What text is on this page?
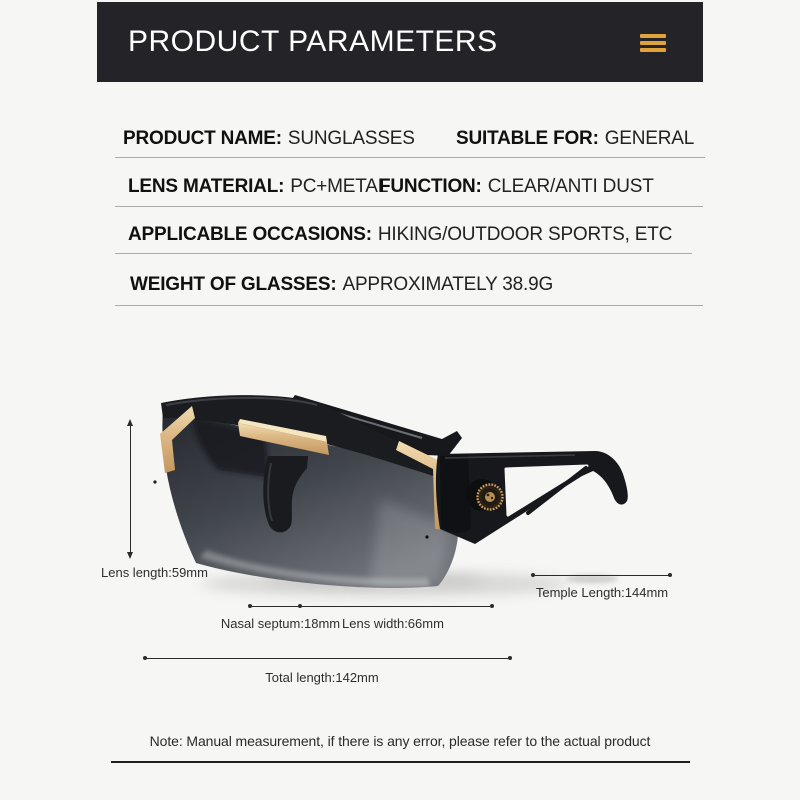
PRODUCT PARAMETERS
PRODUCT NAME: SUNGLASSES SUITABLE FOR: GENERAL
LENS MATERIAL: PC+METAL
FUNCTION: CLEAR/ANTI DUST
APPLICABLE OCCASIONS: HIKING/OUTDOOR SPORTS, ETC
WEIGHT OF GLASSES: APPROXIMATELY 38.9G
Lens length:59mm
Temple Length:144mm
Nasal septum:18mm Lens width:66mm
Total length:142mm
Note: Manual measurement, if there is any error, please refer to the actual product
